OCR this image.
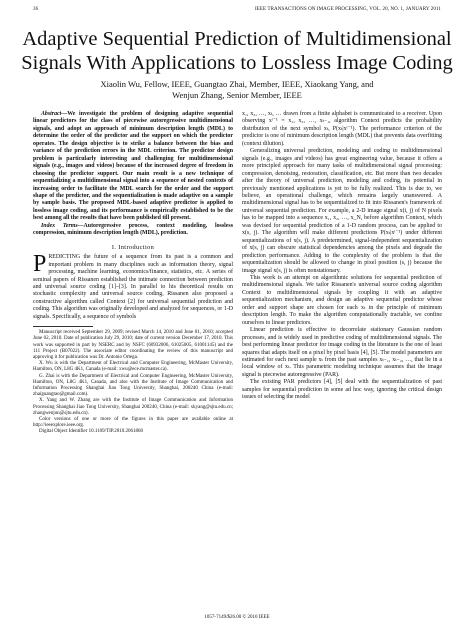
36	IEEE TRANSACTIONS ON IMAGE PROCESSING, VOL. 20, NO. 1, JANUARY 2011
Adaptive Sequential Prediction of Multidimensional
Signals With Applications to Lossless Image Coding
Xiaolin Wu, Fellow, IEEE, Guangtao Zhai, Member, IEEE, Xiaokang Yang, and
Wenjun Zhang, Senior Member, IEEE

Abstract—We investigate the problem of designing adaptive sequential linear predictors for the class of piecewise autoregressive multidimensional signals, and adopt an approach of minimum description length (MDL) to determine the order of the predictor and the support on which the predictor operates. The design objective is to strike a balance between the bias and variance of the prediction errors in the MDL criterion. The predictor design problem is particularly interesting and challenging for multidimensional signals (e.g., images and videos) because of the increased degree of freedom in choosing the predictor support. Our main result is a new technique of sequentializing a multidimensional signal into a sequence of nested contexts of increasing order to facilitate the MDL search for the order and the support shape of the predictor, and the sequentialization is made adaptive on a sample by sample basis. The proposed MDL-based adaptive predictor is applied to lossless image coding, and its performance is empirically established to be the best among all the results that have been published till present.

Index Terms—Autoregressive process, context modeling, lossless compression, minimum description length (MDL), prediction.

I. Introduction

PREDICTING the future of a sequence from its past is a common and important problem in many disciplines such as information theory, signal processing, machine learning, economics/finance, statistics, etc. A series of seminal papers of Rissanen established the intimate connection between prediction and universal source coding [1]–[3]. In parallel to his theoretical results on stochastic complexity and universal source coding, Rissanen also proposed a constructive algorithm called Context [2] for universal sequential prediction and coding. This algorithm was originally developed and analyzed for sequences, or 1-D signals. Specifically, a sequence of symbols

Manuscript received September 29, 2009; revised March 14, 2010 and June 01, 2010; accepted June 02, 2010. Date of publication July 29, 2010; date of current version December 17, 2010. This work was supported in part by NSERC and by NSFC (60932006, 61025005, 61001145) and the 111 Project (B07022). The associate editor coordinating the review of this manuscript and approving it for publication was Dr. Antonio Ortega.

X. Wu is with the Department of Electrical and Computer Engineering, McMaster University, Hamilton, ON, L8G 4K1, Canada (e-mail: xwu@ece.mcmaster.ca).

G. Zhai is with the Department of Electrical and Computer Engineering, McMaster University, Hamilton, ON, L8G 4K1, Canada, and also with the Institute of Image Communication and Information Processing Shanghai Jiao Tong University, Shanghai, 200240 China (e-mail: zhaiguangtao@gmail.com).

X. Yang and W. Zhang are with the Institute of Image Communication and Information Processing Shanghai Jiao Tong University, Shanghai 200240, China (e-mail: xkyang@sjtu.edu.cn; zhangwenjun@sjtu.edu.cn).

Color versions of one or more of the figures in this paper are available online at http://ieeexplore.ieee.org.

Digital Object Identifier 10.1109/TIP.2010.2061860

x₁, x₂, …, xₜ, … drawn from a finite alphabet is communicated to a receiver. Upon observing xᵗ⁻¹ = x₁, x₂, …, xₜ₋₁, algorithm Context predicts the probability distribution of the next symbol xₜ, P(xₜ|xᵗ⁻¹). The performance criterion of the predictor is one of minimum description length (MDL) that prevents data overfitting (context dilution).

Generalizing universal prediction, modeling and coding to multidimensional signals (e.g., images and videos) has great engineering value, because it offers a more principled approach for many tasks of multidimensional signal processing: compression, denoising, restoration, classification, etc. But more than two decades after the theory of universal prediction, modeling and coding, its potential in previously mentioned applications is yet to be fully realized. This is due to, we believe, an operational challenge, which remains largely unanswered. A multidimensional signal has to be sequentialized to fit into Rissanen's framework of universal sequential prediction. For example, a 2-D image signal x(i, j) of N pixels has to be mapped into a sequence x₁, x₂, …, x_N, before algorithm Context, which was devised for sequential prediction of a 1-D random process, can be applied to x(s, j). The algorithm will make different predictions P(xₜ|xᵗ⁻¹) under different sequentializations of x(s, j). A predetermined, signal-independent sequentialization of x(s, j) can obscure statistical dependencies among the pixels and degrade the prediction performance. Adding to the complexity of the problem is that the sequentialization should be allowed to change in pixel position (s, j) because the image signal x(s, j) is often nonstationary.

This work is an attempt on algorithmic solutions for sequential prediction of multidimensional signals. We tailor Rissanen's universal source coding algorithm Context to multidimensional signals by coupling it with an adaptive sequentialization mechanism, and design an adaptive sequential predictor whose order and support shape are chosen for each xₜ in the principle of minimum description length. To make the algorithm computationally tractable, we confine ourselves to linear predictors.

Linear prediction is effective to decorrelate stationary Gaussian random processes, and is widely used in predictive coding of multidimensional signals. The best performing linear predictor for image coding in the literature is the one of least squares that adapts itself on a pixel by pixel basis [4], [5]. The model parameters are estimated for each next sample xₜ from the past samples xₜ₋₁, xₜ₋₂, …, that lie in a local window of xₜ. This parametric modeling technique assumes that the image signal is piecewise autoregressive (PAR).

The existing PAR predictors [4], [5] deal with the sequentialization of past samples for sequential prediction in some ad hoc way, ignoring the critical design issues of selecting the model

1057-7149/$26.00 © 2010 IEEE
